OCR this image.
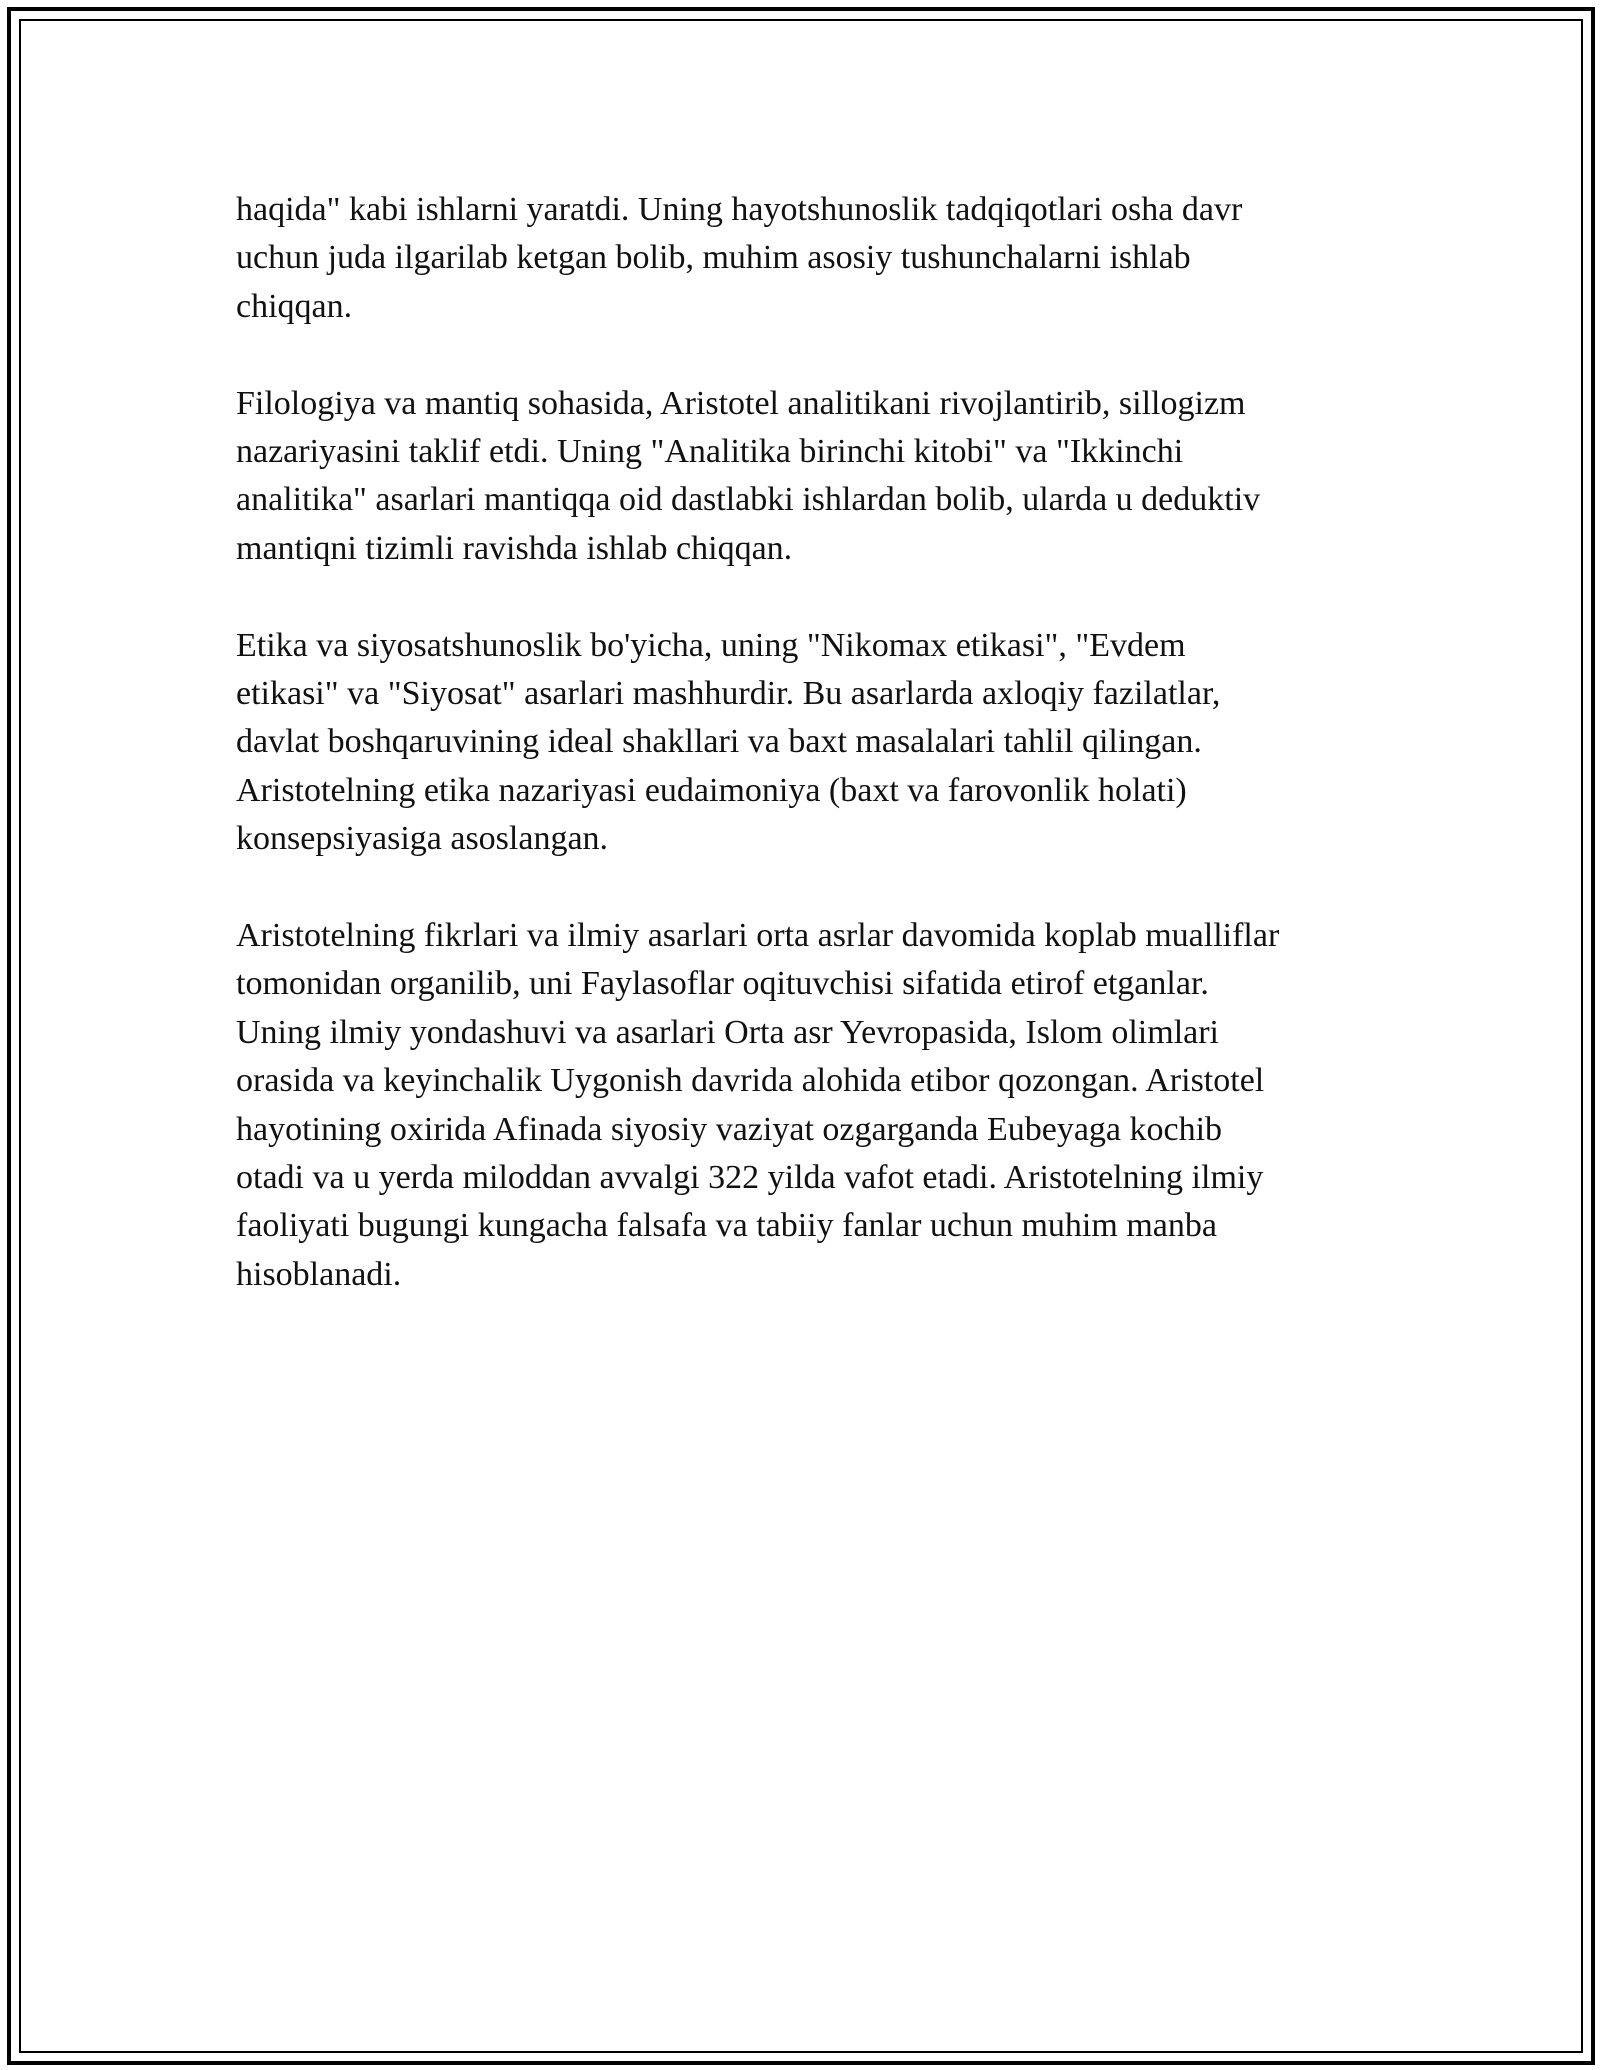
haqida" kabi ishlarni yaratdi. Uning hayotshunoslik tadqiqotlari osha davr
uchun juda ilgarilab ketgan bolib, muhim asosiy tushunchalarni ishlab
chiqqan.

Filologiya va mantiq sohasida, Aristotel analitikani rivojlantirib, sillogizm
nazariyasini taklif etdi. Uning "Analitika birinchi kitobi" va "Ikkinchi
analitika" asarlari mantiqqa oid dastlabki ishlardan bolib, ularda u deduktiv
mantiqni tizimli ravishda ishlab chiqqan.

Etika va siyosatshunoslik bo'yicha, uning "Nikomax etikasi", "Evdem
etikasi" va "Siyosat" asarlari mashhurdir. Bu asarlarda axloqiy fazilatlar,
davlat boshqaruvining ideal shakllari va baxt masalalari tahlil qilingan.
Aristotelning etika nazariyasi eudaimoniya (baxt va farovonlik holati)
konsepsiyasiga asoslangan.

Aristotelning fikrlari va ilmiy asarlari orta asrlar davomida koplab mualliflar
tomonidan organilib, uni Faylasoflar oqituvchisi sifatida etirof etganlar.
Uning ilmiy yondashuvi va asarlari Orta asr Yevropasida, Islom olimlari
orasida va keyinchalik Uygonish davrida alohida etibor qozongan. Aristotel
hayotining oxirida Afinada siyosiy vaziyat ozgarganda Eubeyaga kochib
otadi va u yerda miloddan avvalgi 322 yilda vafot etadi. Aristotelning ilmiy
faoliyati bugungi kungacha falsafa va tabiiy fanlar uchun muhim manba
hisoblanadi.
